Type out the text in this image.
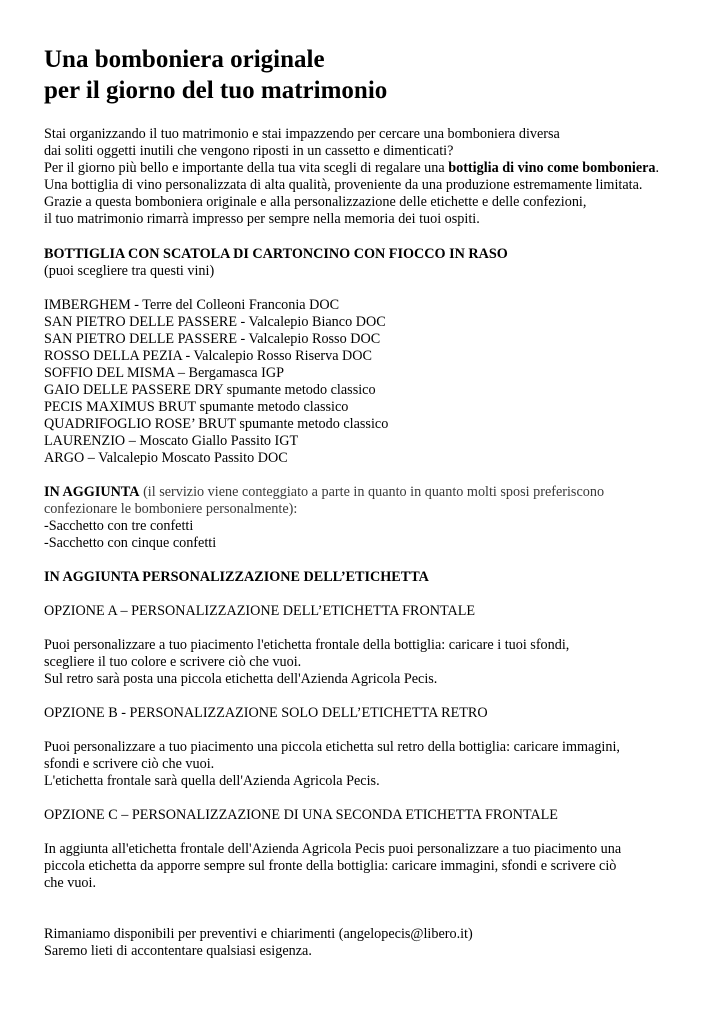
Una bomboniera originale
per il giorno del tuo matrimonio
Stai organizzando il tuo matrimonio e stai impazzendo per cercare una bomboniera diversa
dai soliti oggetti inutili che vengono riposti in un cassetto e dimenticati?
Per il giorno più bello e importante della tua vita scegli di regalare una bottiglia di vino come bomboniera.
Una bottiglia di vino personalizzata di alta qualità, proveniente da una produzione estremamente limitata.
Grazie a questa bomboniera originale e alla personalizzazione delle etichette e delle confezioni,
il tuo matrimonio rimarrà impresso per sempre nella memoria dei tuoi ospiti.
BOTTIGLIA CON SCATOLA DI CARTONCINO CON FIOCCO IN RASO
(puoi scegliere tra questi vini)
IMBERGHEM - Terre del Colleoni Franconia DOC
SAN PIETRO DELLE PASSERE - Valcalepio Bianco DOC
SAN PIETRO DELLE PASSERE - Valcalepio Rosso DOC
ROSSO DELLA PEZIA - Valcalepio Rosso Riserva DOC
SOFFIO DEL MISMA – Bergamasca IGP
GAIO DELLE PASSERE DRY spumante metodo classico
PECIS MAXIMUS BRUT spumante metodo classico
QUADRIFOGLIO ROSE’ BRUT spumante metodo classico
LAURENZIO – Moscato Giallo Passito IGT
ARGO – Valcalepio Moscato Passito DOC
IN AGGIUNTA (il servizio viene conteggiato a parte in quanto in quanto molti sposi preferiscono
confezionare le bomboniere personalmente):
-Sacchetto con tre confetti
-Sacchetto con cinque confetti
IN AGGIUNTA PERSONALIZZAZIONE DELL’ETICHETTA
OPZIONE A – PERSONALIZZAZIONE DELL’ETICHETTA FRONTALE
Puoi personalizzare a tuo piacimento l'etichetta frontale della bottiglia: caricare i tuoi sfondi,
scegliere il tuo colore e scrivere ciò che vuoi.
Sul retro sarà posta una piccola etichetta dell'Azienda Agricola Pecis.
OPZIONE B - PERSONALIZZAZIONE SOLO DELL’ETICHETTA RETRO
Puoi personalizzare a tuo piacimento una piccola etichetta sul retro della bottiglia: caricare immagini,
sfondi e scrivere ciò che vuoi.
L'etichetta frontale sarà quella dell'Azienda Agricola Pecis.
OPZIONE C – PERSONALIZZAZIONE DI UNA SECONDA ETICHETTA FRONTALE
In aggiunta all'etichetta frontale dell'Azienda Agricola Pecis puoi personalizzare a tuo piacimento una
piccola etichetta da apporre sempre sul fronte della bottiglia: caricare immagini, sfondi e scrivere ciò
che vuoi.
Rimaniamo disponibili per preventivi e chiarimenti (angelopecis@libero.it)
Saremo lieti di accontentare qualsiasi esigenza.
